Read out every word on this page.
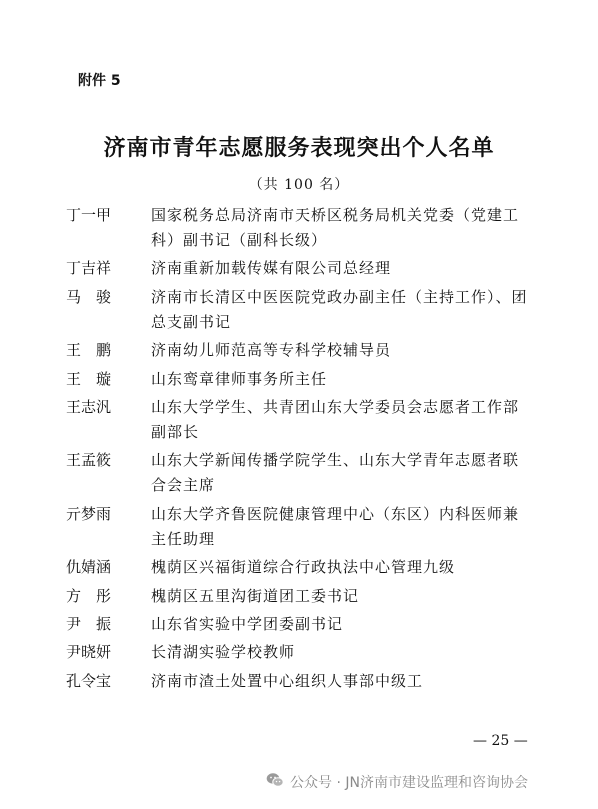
附件 5
济南市青年志愿服务表现突出个人名单
（共 100 名）
丁一甲	国家税务总局济南市天桥区税务局机关党委（党建工科）副书记（副科长级）
丁吉祥	济南重新加载传媒有限公司总经理
马　骏	济南市长清区中医医院党政办副主任（主持工作）、团总支副书记
王　鹏	济南幼儿师范高等专科学校辅导员
王　璇	山东鸾章律师事务所主任
王志汎	山东大学学生、共青团山东大学委员会志愿者工作部副部长
王孟筱	山东大学新闻传播学院学生、山东大学青年志愿者联合会主席
亓梦雨	山东大学齐鲁医院健康管理中心（东区）内科医师兼主任助理
仇婧涵	槐荫区兴福街道综合行政执法中心管理九级
方　彤	槐荫区五里沟街道团工委书记
尹　振	山东省实验中学团委副书记
尹晓妍	长清湖实验学校教师
孔令宝	济南市渣土处置中心组织人事部中级工
— 25 —
公众号 · JN济南市建设监理和咨询协会
